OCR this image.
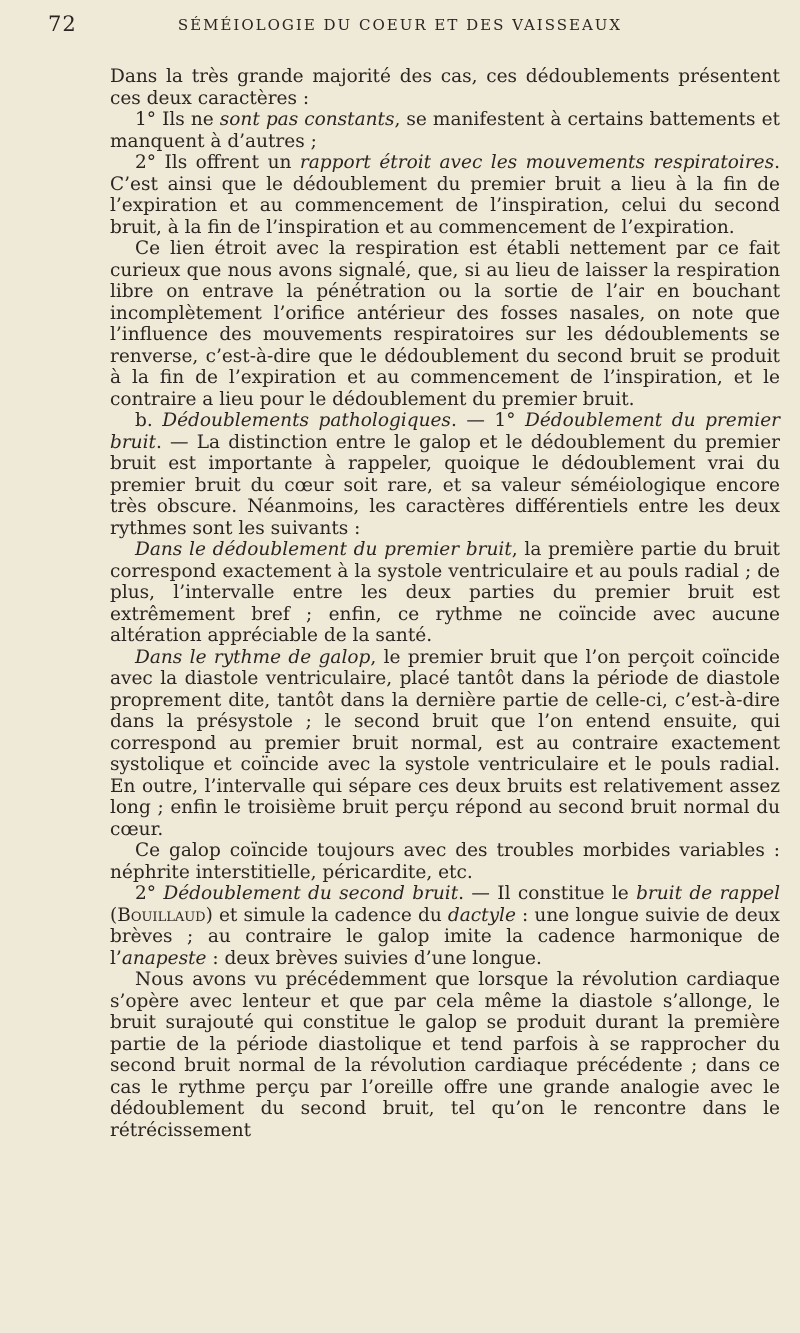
72	SÉMÉIOLOGIE DU COEUR ET DES VAISSEAUX

Dans la très grande majorité des cas, ces dédoublements présentent ces deux caractères :

1° Ils ne sont pas constants, se manifestent à certains battements et manquent à d’autres ;

2° Ils offrent un rapport étroit avec les mouvements respiratoires. C’est ainsi que le dédoublement du premier bruit a lieu à la fin de l’expiration et au commencement de l’inspiration, celui du second bruit, à la fin de l’inspiration et au commencement de l’expiration.

Ce lien étroit avec la respiration est établi nettement par ce fait curieux que nous avons signalé, que, si au lieu de laisser la respiration libre on entrave la pénétration ou la sortie de l’air en bouchant incomplètement l’orifice antérieur des fosses nasales, on note que l’influence des mouvements respiratoires sur les dédoublements se renverse, c’est-à-dire que le dédoublement du second bruit se produit à la fin de l’expiration et au commencement de l’inspiration, et le contraire a lieu pour le dédoublement du premier bruit.

b. Dédoublements pathologiques. — 1° Dédoublement du premier bruit. — La distinction entre le galop et le dédoublement du premier bruit est importante à rappeler, quoique le dédoublement vrai du premier bruit du cœur soit rare, et sa valeur séméiologique encore très obscure. Néanmoins, les caractères différentiels entre les deux rythmes sont les suivants :

Dans le dédoublement du premier bruit, la première partie du bruit correspond exactement à la systole ventriculaire et au pouls radial ; de plus, l’intervalle entre les deux parties du premier bruit est extrêmement bref ; enfin, ce rythme ne coïncide avec aucune altération appréciable de la santé.

Dans le rythme de galop, le premier bruit que l’on perçoit coïncide avec la diastole ventriculaire, placé tantôt dans la période de diastole proprement dite, tantôt dans la dernière partie de celle-ci, c’est-à-dire dans la présystole ; le second bruit que l’on entend ensuite, qui correspond au premier bruit normal, est au contraire exactement systolique et coïncide avec la systole ventriculaire et le pouls radial. En outre, l’intervalle qui sépare ces deux bruits est relativement assez long ; enfin le troisième bruit perçu répond au second bruit normal du cœur.

Ce galop coïncide toujours avec des troubles morbides variables : néphrite interstitielle, péricardite, etc.

2° Dédoublement du second bruit. — Il constitue le bruit de rappel (Bouillaud) et simule la cadence du dactyle : une longue suivie de deux brèves ; au contraire le galop imite la cadence harmonique de l’anapeste : deux brèves suivies d’une longue.

Nous avons vu précédemment que lorsque la révolution cardiaque s’opère avec lenteur et que par cela même la diastole s’allonge, le bruit surajouté qui constitue le galop se produit durant la première partie de la période diastolique et tend parfois à se rapprocher du second bruit normal de la révolution cardiaque précédente ; dans ce cas le rythme perçu par l’oreille offre une grande analogie avec le dédoublement du second bruit, tel qu’on le rencontre dans le rétrécissement
